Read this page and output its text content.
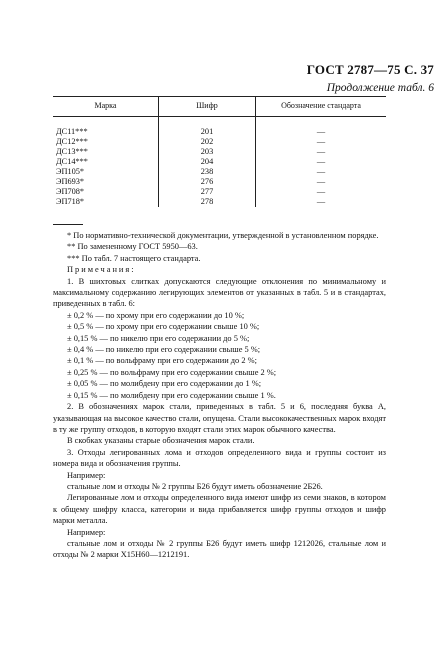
ГОСТ 2787—75 С. 37
Продолжение табл. 6
Марка	Шифр	Обозначение стандарта

ДС11***	201	—
ДС12***	202	—
ДС13***	203	—
ДС14***	204	—
ЭП105*	238	—
ЭП693*	276	—
ЭП708*	277	—
ЭП718*	278	—

* По нормативно-технической документации, утвержденной в установленном порядке.

** По замененному ГОСТ 5950—63.

*** По табл. 7 настоящего стандарта.

Примечания:

1. В шихтовых слитках допускаются следующие отклонения по минимальному и максимальному содержанию легирующих элементов от указанных в табл. 5 и в стандартах, приведенных в табл. 6:

± 0,2 % — по хрому при его содержании до 10 %;

± 0,5 % — по хрому при его содержании свыше 10 %;

± 0,15 % — по никелю при его содержании до 5 %;

± 0,4 % — по никелю при его содержании свыше 5 %;

± 0,1 % — по вольфраму при его содержании до 2 %;

± 0,25 % — по вольфраму при его содержании свыше 2 %;

± 0,05 % — по молибдену при его содержании до 1 %;

± 0,15 % — по молибдену при его содержании свыше 1 %.

2. В обозначениях марок стали, приведенных в табл. 5 и 6, последняя буква А, указывающая на высокое качество стали, опущена. Стали высококачественных марок входят в ту же группу отходов, в которую входят стали этих марок обычного качества.

В скобках указаны старые обозначения марок стали.

3. Отходы легированных лома и отходов определенного вида и группы состоит из номера вида и обозначения группы.

Например:

стальные лом и отходы № 2 группы Б26 будут иметь обозначение 2Б26.

Легированные лом и отходы определенного вида имеют шифр из семи знаков, в котором к общему шифру класса, категории и вида прибавляется шифр группы отходов и шифр марки металла.

Например:

стальные лом и отходы № 2 группы Б26 будут иметь шифр 1212026, стальные лом и отходы № 2 марки Х15Н60—1212191.
